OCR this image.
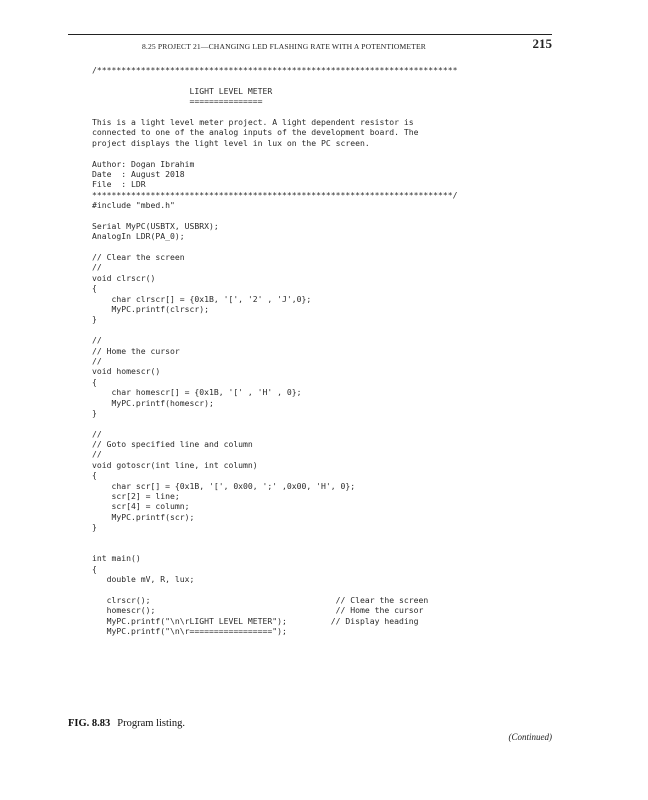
8.25 PROJECT 21—CHANGING LED FLASHING RATE WITH A POTENTIOMETER	215
/**************************************************************************
LIGHT LEVEL METER
===============
This is a light level meter project. A light dependent resistor is
connected to one of the analog inputs of the development board. The
project displays the light level in lux on the PC screen.
Author: Dogan Ibrahim
Date  : August 2018
File  : LDR
**************************************************************************/
#include "mbed.h"
Serial MyPC(USBTX, USBRX);
AnalogIn LDR(PA_0);
// Clear the screen
//
void clrscr()
{
char clrscr[] = {0x1B, '[', '2' , 'J',0};
MyPC.printf(clrscr);
}
//
// Home the cursor
//
void homescr()
{
char homescr[] = {0x1B, '[' , 'H' , 0};
MyPC.printf(homescr);
}
//
// Goto specified line and column
//
void gotoscr(int line, int column)
{
char scr[] = {0x1B, '[', 0x00, ';' ,0x00, 'H', 0};
scr[2] = line;
scr[4] = column;
MyPC.printf(scr);
}
int main()
{
double mV, R, lux;
clrscr();                                      // Clear the screen
homescr();                                     // Home the cursor
MyPC.printf("\n\rLIGHT LEVEL METER");         // Display heading
MyPC.printf("\n\r=================");
FIG. 8.83 Program listing.
(Continued)
